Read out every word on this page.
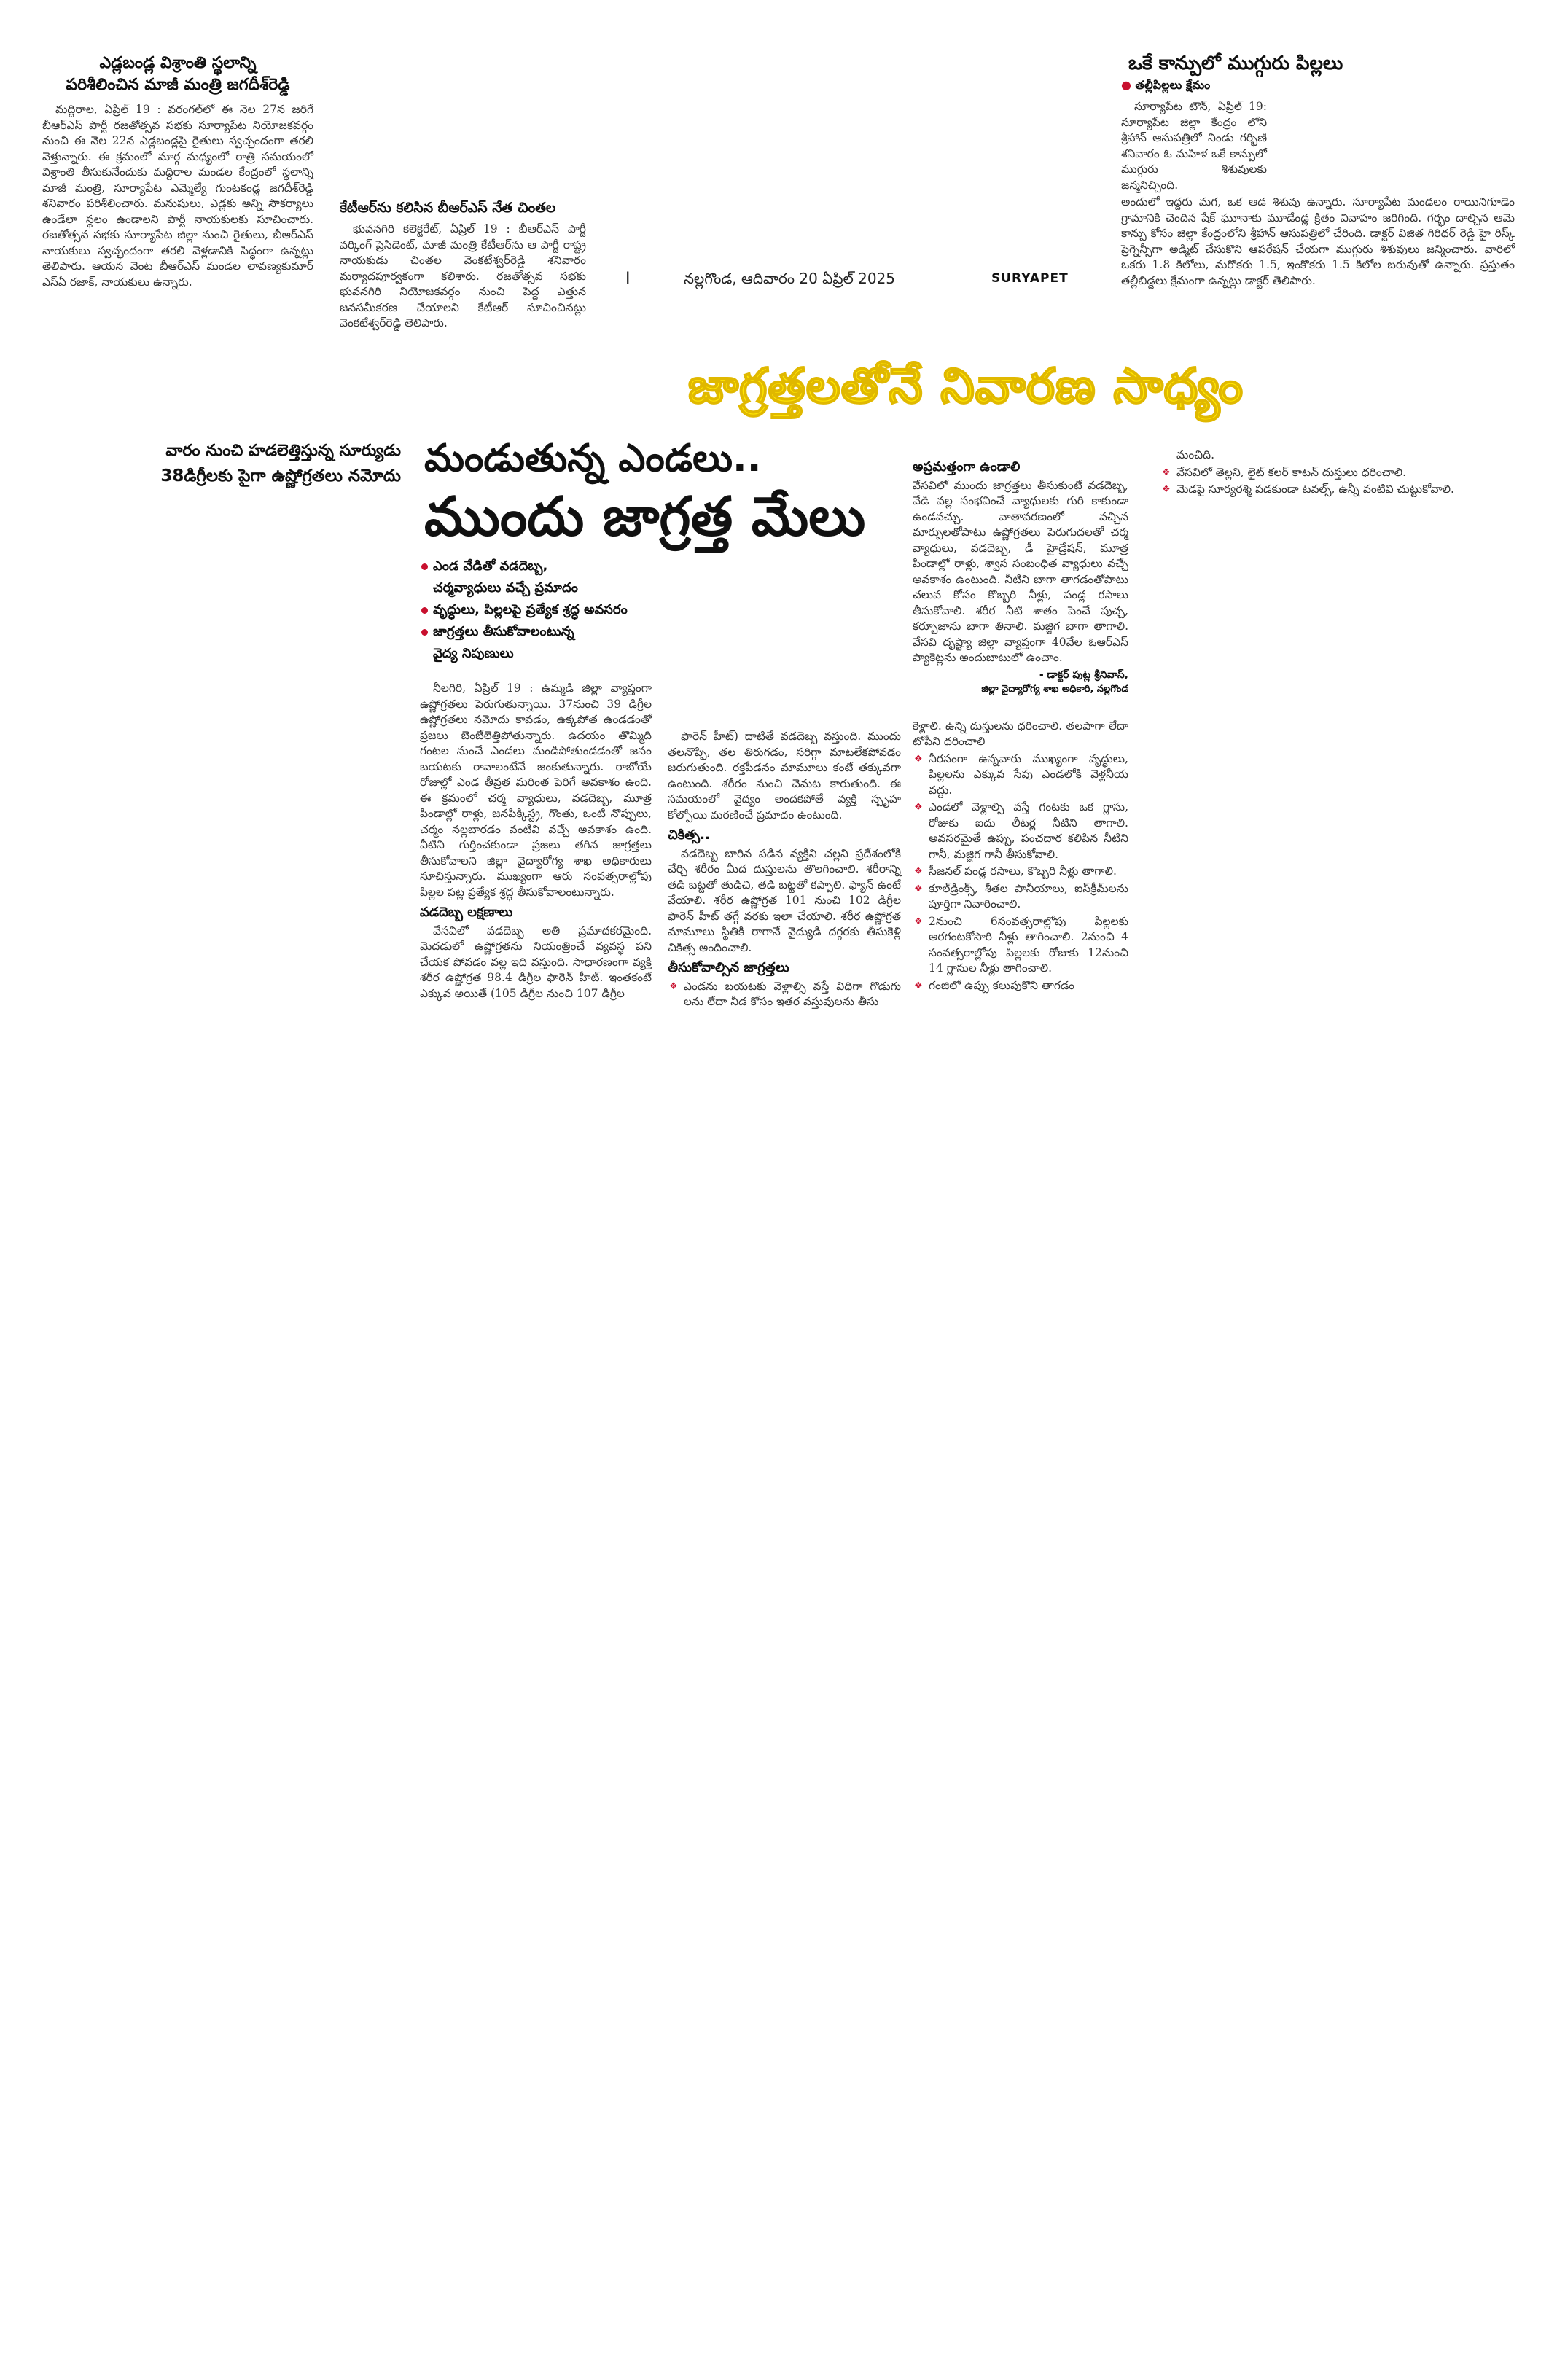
ఎడ్లబండ్ల విశ్రాంతి స్థలాన్ని
పరిశీలించిన మాజీ మంత్రి జగదీశ్‌రెడ్డి

మద్దిరాల, ఏప్రిల్ 19 : వరంగల్‌లో ఈ నెల 27న జరిగే బీఆర్ఎస్ పార్టీ రజతోత్సవ సభకు సూర్యాపేట నియోజకవర్గం నుంచి ఈ నెల 22న ఎడ్లబండ్లపై రైతులు స్వచ్ఛందంగా తరలి వెళ్తున్నారు. ఈ క్రమంలో మార్గ మధ్యంలో రాత్రి సమయంలో విశ్రాంతి తీసుకునేందుకు మద్దిరాల మండల కేంద్రంలో స్థలాన్ని మాజీ మంత్రి, సూర్యాపేట ఎమ్మెల్యే గుంటకండ్ల జగదీశ్‌రెడ్డి శనివారం పరిశీలించారు. మనుషులు, ఎడ్లకు అన్ని సౌకర్యాలు ఉండేలా స్థలం ఉండాలని పార్టీ నాయకులకు సూచించారు. రజతోత్సవ సభకు సూర్యాపేట జిల్లా నుంచి రైతులు, బీఆర్ఎస్ నాయకులు స్వచ్ఛందంగా తరలి వెళ్లడానికి సిద్ధంగా ఉన్నట్లు తెలిపారు. ఆయన వెంట బీఆర్ఎస్ మండల లావణ్యకుమార్ ఎస్ఏ రజాక్, నాయకులు ఉన్నారు.

కేటీఆర్‌ను కలిసిన బీఆర్ఎస్ నేత చింతల

భువనగిరి కలెక్టరేట్, ఏప్రిల్ 19 : బీఆర్ఎస్ పార్టీ వర్కింగ్ ప్రెసిడెంట్, మాజీ మంత్రి కేటీఆర్‌ను ఆ పార్టీ రాష్ట్ర నాయకుడు చింతల వెంకటేశ్వర్‌రెడ్డి శనివారం మర్యాదపూర్వకంగా కలిశారు. రజతోత్సవ సభకు భువనగిరి నియోజకవర్గం నుంచి పెద్ద ఎత్తున జనసమీకరణ చేయాలని కేటీఆర్ సూచించినట్లు వెంకటేశ్వర్‌రెడ్డి తెలిపారు.

I	నల్లగొండ, ఆదివారం 20 ఏప్రిల్ 2025	SURYAPET
ఒకే కాన్పులో ముగ్గురు పిల్లలు
● తల్లీపిల్లలు క్షేమం

సూర్యాపేట టౌన్, ఏప్రిల్ 19: సూర్యాపేట జిల్లా కేంద్రం లోని శ్రీహాన్ ఆసుపత్రిలో నిండు గర్భిణి శనివారం ఓ మహిళ ఒకే కాన్పులో ముగ్గురు శిశువులకు జన్మనిచ్చింది.

అందులో ఇద్దరు మగ, ఒక ఆడ శిశువు ఉన్నారు. సూర్యాపేట మండలం రాయినిగూడెం గ్రామానికి చెందిన షేక్ ఘూనాకు మూడేండ్ల క్రితం వివాహం జరిగింది. గర్భం దాల్చిన ఆమె కాన్పు కోసం జిల్లా కేంద్రంలోని శ్రీహాన్ ఆసుపత్రిలో చేరింది. డాక్టర్ విజిత గిరిధర్ రెడ్డి హై రిస్క్ ప్రెగ్నెన్సీగా అడ్మిట్ చేసుకొని ఆపరేషన్ చేయగా ముగ్గురు శిశువులు జన్మించారు. వారిలో ఒకరు 1.8 కిలోలు, మరొకరు 1.5, ఇంకొకరు 1.5 కిలోల బరువుతో ఉన్నారు. ప్రస్తుతం తల్లీబిడ్డలు క్షేమంగా ఉన్నట్లు డాక్టర్ తెలిపారు.

జాగ్రత్తలతోనే నివారణ సాధ్యం
వారం నుంచి హడలెత్తిస్తున్న సూర్యుడు
38డిగ్రీలకు పైగా ఉష్ణోగ్రతలు నమోదు మండుతున్న ఎండలు..
ముందు జాగ్రత్త మేలు
ఎండ వేడితో వడదెబ్బ,
చర్మవ్యాధులు వచ్చే ప్రమాదం
వృద్ధులు, పిల్లలపై ప్రత్యేక శ్రద్ధ అవసరం
జాగ్రత్తలు తీసుకోవాలంటున్న
వైద్య నిపుణులు

నీలగిరి, ఏప్రిల్ 19 : ఉమ్మడి జిల్లా వ్యాప్తంగా ఉష్ణోగ్రతలు పెరుగుతున్నాయి. 37నుంచి 39 డిగ్రీల ఉష్ణోగ్రతలు నమోదు కావడం, ఉక్కపోత ఉండడంతో ప్రజలు బెంబేలెత్తిపోతున్నారు. ఉదయం తొమ్మిది గంటల నుంచే ఎండలు మండిపోతుండడంతో జనం బయటకు రావాలంటేనే జంకుతున్నారు. రాబోయే రోజుల్లో ఎండ తీవ్రత మరింత పెరిగే అవకాశం ఉంది. ఈ క్రమంలో చర్మ వ్యాధులు, వడదెబ్బ, మూత్ర పిండాల్లో రాళ్లు, జనపిక్కిస్ట్ర, గొంతు, ఒంటి నొప్పులు, చర్మం నల్లబారడం వంటివి వచ్చే అవకాశం ఉంది. వీటిని గుర్తించకుండా ప్రజలు తగిన జాగ్రత్తలు తీసుకోవాలని జిల్లా వైద్యారోగ్య శాఖ అధికారులు సూచిస్తున్నారు. ముఖ్యంగా ఆరు సంవత్సరాల్లోపు పిల్లల పట్ల ప్రత్యేక శ్రద్ధ తీసుకోవాలంటున్నారు.

వడదెబ్బ లక్షణాలు

వేసవిలో వడదెబ్బ అతి ప్రమాదకరమైంది. మెదడులో ఉష్ణోగ్రతను నియంత్రించే వ్యవస్థ పని చేయక పోవడం వల్ల ఇది వస్తుంది. సాధారణంగా వ్యక్తి శరీర ఉష్ణోగ్రత 98.4 డిగ్రీల ఫారెన్ హీట్. ఇంతకంటే ఎక్కువ అయితే (105 డిగ్రీల నుంచి 107 డిగ్రీల

ఫారెన్ హీట్) దాటితే వడదెబ్బ వస్తుంది. ముందు తలనొప్పి, తల తిరుగడం, సరిగ్గా మాటలేకపోవడం జరుగుతుంది. రక్తపీడనం మామూలు కంటే తక్కువగా ఉంటుంది. శరీరం నుంచి చెమట కారుతుంది. ఈ సమయంలో వైద్యం అందకపోతే వ్యక్తి స్పృహ కోల్పోయి మరణించే ప్రమాదం ఉంటుంది.

చికిత్స..

వడదెబ్బ బారిన పడిన వ్యక్తిని చల్లని ప్రదేశంలోకి చేర్చి శరీరం మీద దుస్తులను తొలగించాలి. శరీరాన్ని తడి బట్టతో తుడిచి, తడి బట్టతో కప్పాలి. ఫ్యాన్ ఉంటే వేయాలి. శరీర ఉష్ణోగ్రత 101 నుంచి 102 డిగ్రీల ఫారెన్ హీట్ తగ్గే వరకు ఇలా చేయాలి. శరీర ఉష్ణోగ్రత మామూలు స్థితికి రాగానే వైద్యుడి దగ్గరకు తీసుకెళ్లి చికిత్స అందించాలి.

తీసుకోవాల్సిన జాగ్రత్తలు
❖ ఎండను బయటకు వెళ్లాల్సి వస్తే విధిగా గొడుగు లను లేదా నీడ కోసం ఇతర వస్తువులను తీసు
అప్రమత్తంగా ఉండాలి

వేసవిలో ముందు జాగ్రత్తలు తీసుకుంటే వడదెబ్బ, వేడి వల్ల సంభవించే వ్యాధులకు గురి కాకుండా ఉండవచ్చు. వాతావరణంలో వచ్చిన మార్పులతోపాటు ఉష్ణోగ్రతలు పెరుగుదలతో చర్మ వ్యాధులు, వడదెబ్బ, డీ హైడ్రేషన్, మూత్ర పిండాల్లో రాళ్లు, శ్వాస సంబంధిత వ్యాధులు వచ్చే అవకాశం ఉంటుంది. నీటిని బాగా తాగడంతోపాటు చలువ కోసం కొబ్బరి నీళ్లు, పండ్ల రసాలు తీసుకోవాలి. శరీర నీటి శాతం పెంచే పుచ్చ, కర్బూజాను బాగా తినాలి. మజ్జిగ బాగా తాగాలి. వేసవి దృష్ట్యా జిల్లా వ్యాప్తంగా 40వేల ఓఆర్ఎస్ ప్యాకెట్లను అందుబాటులో ఉంచాం.

- డాక్టర్ పుట్ల శ్రీనివాస్,
జిల్లా వైద్యారోగ్య శాఖ అధికారి, నల్లగొండ

కెళ్లాలి. ఉన్ని దుస్తులను ధరించాలి. తలపాగా లేదా టోపీని ధరించాలి

❖ నీరసంగా ఉన్నవారు ముఖ్యంగా వృద్ధులు, పిల్లలను ఎక్కువ సేపు ఎండలోకి వెళ్లనీయ వద్దు.
❖ ఎండలో వెళ్లాల్సి వస్తే గంటకు ఒక గ్లాసు, రోజుకు ఐదు లీటర్ల నీటిని తాగాలి. అవసరమైతే ఉప్పు, పంచదార కలిపిన నీటిని గానీ, మజ్జిగ గానీ తీసుకోవాలి.
❖ సీజనల్ పండ్ల రసాలు, కొబ్బరి నీళ్లు తాగాలి.
❖ కూల్‌డ్రింక్స్, శీతల పానీయాలు, ఐస్‌క్రీమ్‌లను పూర్తిగా నివారించాలి.
❖ 2నుంచి 6సంవత్సరాల్లోపు పిల్లలకు అరగంటకోసారి నీళ్లు తాగించాలి. 2నుంచి 4 సంవత్సరాల్లోపు పిల్లలకు రోజుకు 12నుంచి 14 గ్లాసుల నీళ్లు తాగించాలి.
❖ గంజిలో ఉప్పు కలుపుకొని తాగడం

మంచిది.

❖ వేసవిలో తెల్లని, లైట్ కలర్ కాటన్ దుస్తులు ధరించాలి.
❖ మెడపై సూర్యరశ్మి పడకుండా టవల్స్, ఉన్నీ వంటివి చుట్టుకోవాలి.
